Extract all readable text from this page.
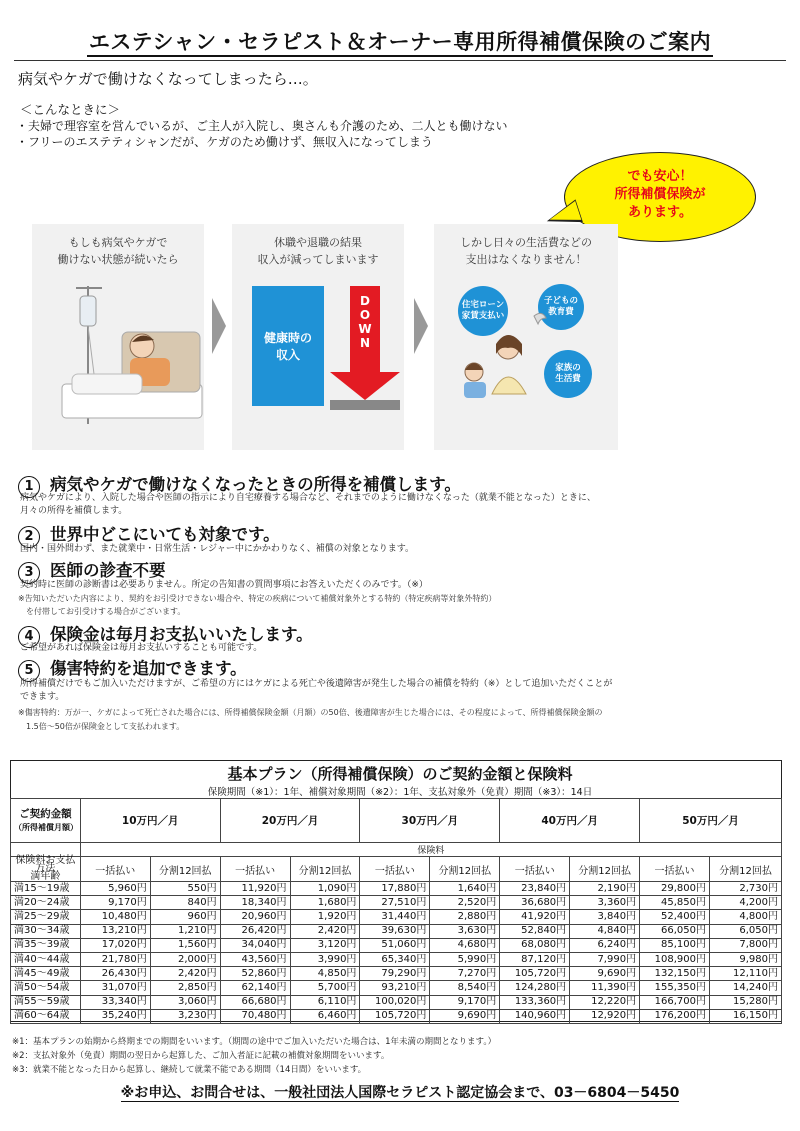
エステシャン・セラピスト＆オーナー専用所得補償保険のご案内
病気やケガで働けなくなってしまったら…。
＜こんなときに＞
・夫婦で理容室を営んでいるが、ご主人が入院し、奥さんも介護のため、二人とも働けない
・フリーのエステティシャンだが、ケガのため働けず、無収入になってしまう
でも安心！
所得補償保険が
あります。
もしも病気やケガで
働けない状態が続いたら
休職や退職の結果
収入が減ってしまいます
健康時の
収入
D
O
W
N
しかし日々の生活費などの
支出はなくなりません！
住宅ローン
家賃支払い
子どもの
教育費
家族の
生活費
1 病気やケガで働けなくなったときの所得を補償します。
病気やケガにより、入院した場合や医師の指示により自宅療養する場合など、それまでのように働けなくなった（就業不能となった）ときに、
月々の所得を補償します。
2 世界中どこにいても対象です。
国内・国外問わず、また就業中・日常生活・レジャー中にかかわりなく、補償の対象となります。
3 医師の診査不要
契約時に医師の診断書は必要ありません。所定の告知書の質問事項にお答えいただくのみです。（※）
※告知いただいた内容により、契約をお引受けできない場合や、特定の疾病について補償対象外とする特約（特定疾病等対象外特約）
　を付帯してお引受けする場合がございます。
4 保険金は毎月お支払いいたします。
ご希望があれば保険金は毎月お支払いすることも可能です。
5 傷害特約を追加できます。
所得補償だけでもご加入いただけますが、ご希望の方にはケガによる死亡や後遺障害が発生した場合の補償を特約（※）として追加いただくことが
できます。
※傷害特約：万が一、ケガによって死亡された場合には、所得補償保険金額（月額）の50倍、後遺障害が生じた場合には、その程度によって、所得補償保険金額の
　1.5倍～50倍が保険金として支払われます。
基本プラン（所得補償保険）のご契約金額と保険料
保険期間（※1）：1年、補償対象期間（※2）：1年、支払対象外（免責）期間（※3）：14日
ご契約金額
（所得補償月額）	10万円／月		20万円／月		30万円／月		40万円／月		50万円／月	
	保険料									

保険料お支払方法
満年齢	一括払い	分割12回払	一括払い	分割12回払	一括払い	分割12回払	一括払い	分割12回払	一括払い	分割12回払
満15～19歳	5,960円	550円	11,920円	1,090円	17,880円	1,640円	23,840円	2,190円	29,800円	2,730円
満20～24歳	9,170円	840円	18,340円	1,680円	27,510円	2,520円	36,680円	3,360円	45,850円	4,200円
満25～29歳	10,480円	960円	20,960円	1,920円	31,440円	2,880円	41,920円	3,840円	52,400円	4,800円
満30～34歳	13,210円	1,210円	26,420円	2,420円	39,630円	3,630円	52,840円	4,840円	66,050円	6,050円
満35～39歳	17,020円	1,560円	34,040円	3,120円	51,060円	4,680円	68,080円	6,240円	85,100円	7,800円
満40～44歳	21,780円	2,000円	43,560円	3,990円	65,340円	5,990円	87,120円	7,990円	108,900円	9,980円
満45～49歳	26,430円	2,420円	52,860円	4,850円	79,290円	7,270円	105,720円	9,690円	132,150円	12,110円
満50～54歳	31,070円	2,850円	62,140円	5,700円	93,210円	8,540円	124,280円	11,390円	155,350円	14,240円
満55～59歳	33,340円	3,060円	66,680円	6,110円	100,020円	9,170円	133,360円	12,220円	166,700円	15,280円
満60～64歳	35,240円	3,230円	70,480円	6,460円	105,720円	9,690円	140,960円	12,920円	176,200円	16,150円
※1：基本プランの始期から終期までの期間をいいます。（期間の途中でご加入いただいた場合は、1年未満の期間となります。）
※2：支払対象外（免責）期間の翌日から起算した、ご加入者証に記載の補償対象期間をいいます。
※3：就業不能となった日から起算し、継続して就業不能である期間（14日間）をいいます。
※お申込、お問合せは、一般社団法人国際セラピスト認定協会まで、03－6804－5450
